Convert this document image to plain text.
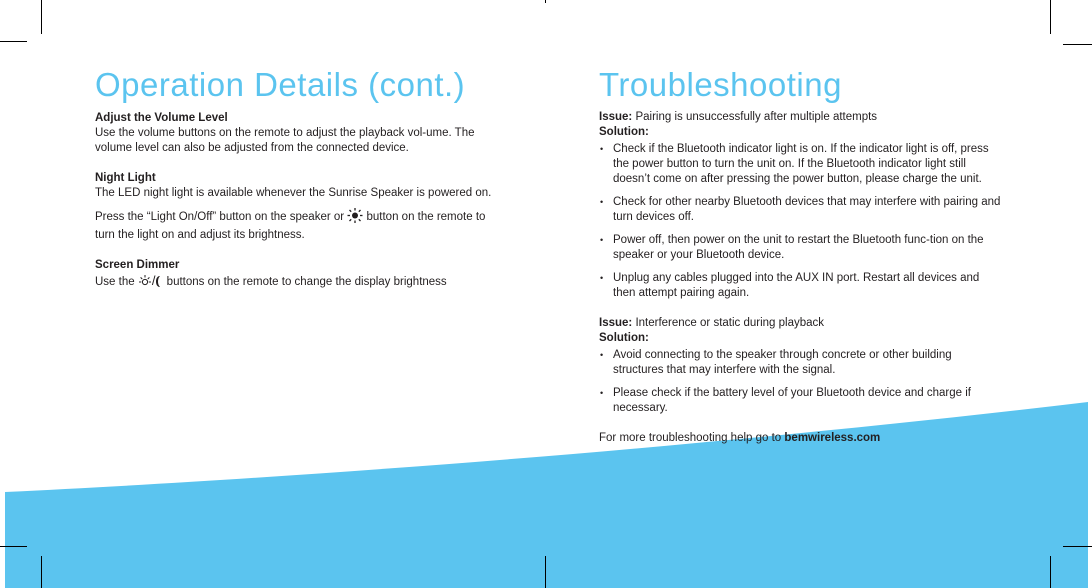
Operation Details (cont.)
Adjust the Volume Level

Use the volume buttons on the remote to adjust the playback vol-ume. The volume level can also be adjusted from the connected device.

Night Light

The LED night light is available whenever the Sunrise Speaker is powered on.

Press the “Light On/Off” button on the speaker or button on the remote to turn the light on and adjust its brightness.

Screen Dimmer

Use the / buttons on the remote to change the display brightness

Troubleshooting

Issue: Pairing is unsuccessfully after multiple attempts

Solution:

• Check if the Bluetooth indicator light is on. If the indicator light is off, press the power button to turn the unit on. If the Bluetooth indicator light still doesn’t come on after pressing the power button, please charge the unit.
• Check for other nearby Bluetooth devices that may interfere with pairing and turn devices off.
• Power off, then power on the unit to restart the Bluetooth func-tion on the speaker or your Bluetooth device.
• Unplug any cables plugged into the AUX IN port. Restart all devices and then attempt pairing again.

Issue: Interference or static during playback

Solution:

• Avoid connecting to the speaker through concrete or other building structures that may interfere with the signal.
• Please check if the battery level of your Bluetooth device and charge if necessary.

For more troubleshooting help go to bemwireless.com
